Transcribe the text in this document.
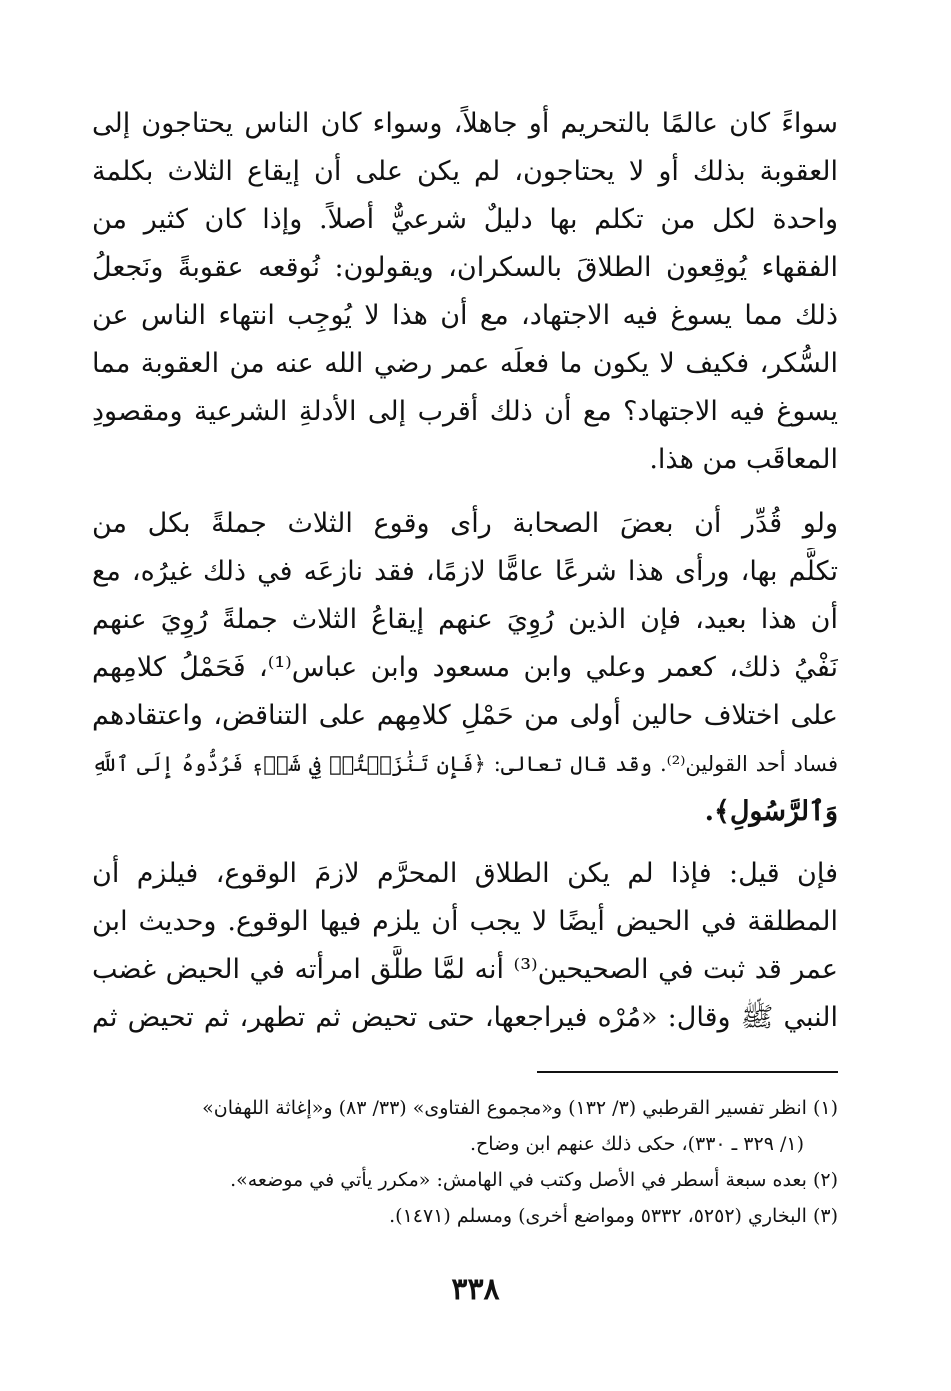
سواءً كان عالمًا بالتحريم أو جاهلاً، وسواء كان الناس يحتاجون إلى
العقوبة بذلك أو لا يحتاجون، لم يكن على أن إيقاع الثلاث بكلمة
واحدة لكل من تكلم بها دليلٌ شرعيٌّ أصلاً. وإذا كان كثير من
الفقهاء يُوقِعون الطلاقَ بالسكران، ويقولون: نُوقعه عقوبةً ونَجعلُ
ذلك مما يسوغ فيه الاجتهاد، مع أن هذا لا يُوجِب انتهاء الناس عن
السُّكر، فكيف لا يكون ما فعلَه عمر رضي الله عنه من العقوبة مما
يسوغ فيه الاجتهاد؟ مع أن ذلك أقرب إلى الأدلةِ الشرعية ومقصودِ
المعاقَب من هذا.
ولو قُدِّر أن بعضَ الصحابة رأى وقوع الثلاث جملةً بكل من
تكلَّم بها، ورأى هذا شرعًا عامًّا لازمًا، فقد نازعَه في ذلك غيرُه، مع
أن هذا بعيد، فإن الذين رُوِيَ عنهم إيقاعُ الثلاث جملةً رُوِيَ عنهم
نَفْيُ ذلك، كعمر وعلي وابن مسعود وابن عباس⁽¹⁾، فَحَمْلُ كلامِهم
على اختلاف حالين أولى من حَمْلِ كلامِهم على التناقض، واعتقادهم
فساد أحد القولين⁽²⁾. وقد قال تعالى: ﴿فَإِن تَنَٰزَعۡتُمۡ فِي شَيۡءٖ فَرُدُّوهُ إِلَى ٱللَّهِ
وَٱلرَّسُولِ﴾.
فإن قيل: فإذا لم يكن الطلاق المحرَّم لازمَ الوقوع، فيلزم أن
المطلقة في الحيض أيضًا لا يجب أن يلزم فيها الوقوع. وحديث ابن
عمر قد ثبت في الصحيحين⁽³⁾ أنه لمَّا طلَّق امرأته في الحيض غضب
النبي ﷺ وقال: «مُرْه فيراجعها، حتى تحيض ثم تطهر، ثم تحيض ثم
(١) انظر تفسير القرطبي (٣/ ١٣٢) و«مجموع الفتاوى» (٣٣/ ٨٣) و«إغاثة اللهفان»
(١/ ٣٢٩ ـ ٣٣٠)، حكى ذلك عنهم ابن وضاح.
(٢) بعده سبعة أسطر في الأصل وكتب في الهامش: «مكرر يأتي في موضعه».
(٣) البخاري (٥٢٥٢، ٥٣٣٢ ومواضع أخرى) ومسلم (١٤٧١).
٣٣٨
